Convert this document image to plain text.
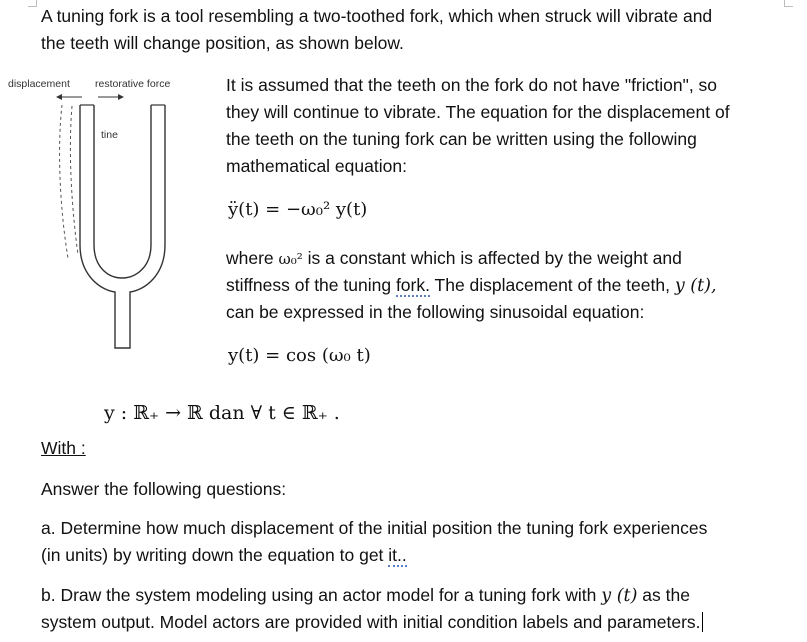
A tuning fork is a tool resembling a two-toothed fork, which when struck will vibrate and
the teeth will change position, as shown below.
displacement restorative force
tine
It is assumed that the teeth on the fork do not have "friction", so
they will continue to vibrate. The equation for the displacement of
the teeth on the tuning fork can be written using the following
mathematical equation:
ÿ(t) = −ω₀² y(t)
where ω₀² is a constant which is affected by the weight and
stiffness of the tuning fork. The displacement of the teeth, y (t),
can be expressed in the following sinusoidal equation:
y(t) = cos (ω₀ t)
y : ℝ₊ → ℝ dan ∀ t ∈ ℝ₊ .
With :
Answer the following questions:
a. Determine how much displacement of the initial position the tuning fork experiences
(in units) by writing down the equation to get it..
b. Draw the system modeling using an actor model for a tuning fork with y (t) as the
system output. Model actors are provided with initial condition labels and parameters.
